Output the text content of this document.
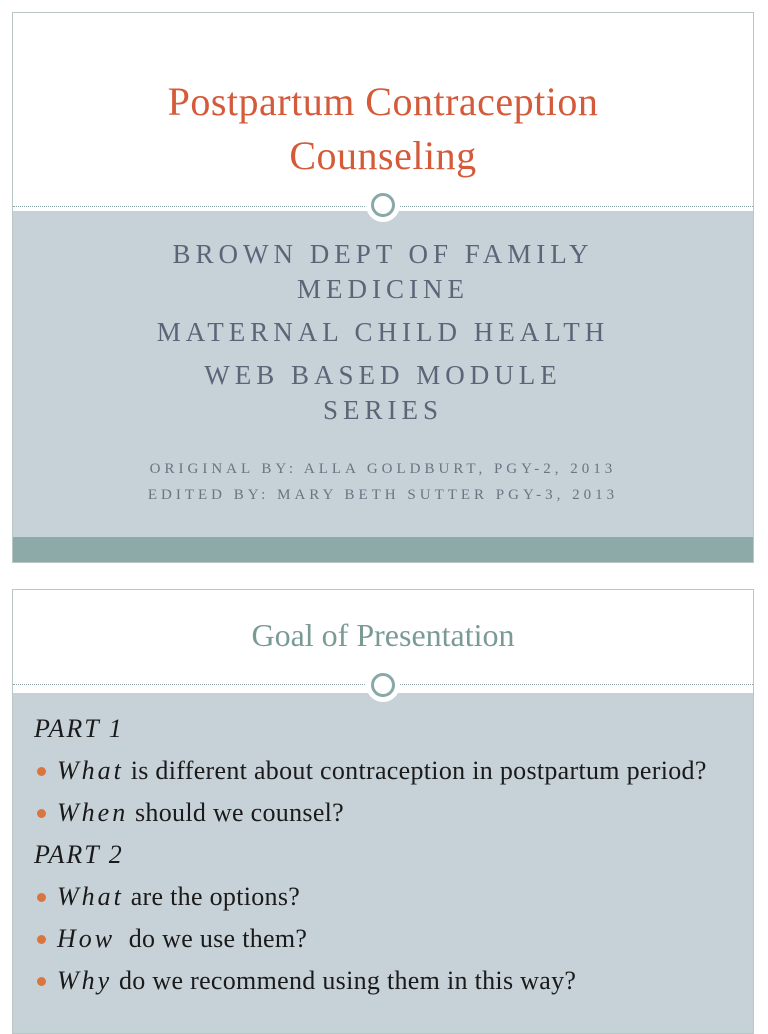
Postpartum Contraception
Counseling
BROWN DEPT OF FAMILY
MEDICINE
MATERNAL CHILD HEALTH
WEB BASED MODULE
SERIES
ORIGINAL BY: ALLA GOLDBURT, PGY-2, 2013
EDITED BY: MARY BETH SUTTER PGY-3, 2013
Goal of Presentation
PART 1
What is different about contraception in postpartum period?
When should we counsel?
PART 2
What are the options?
How  do we use them?
Why do we recommend using them in this way?
